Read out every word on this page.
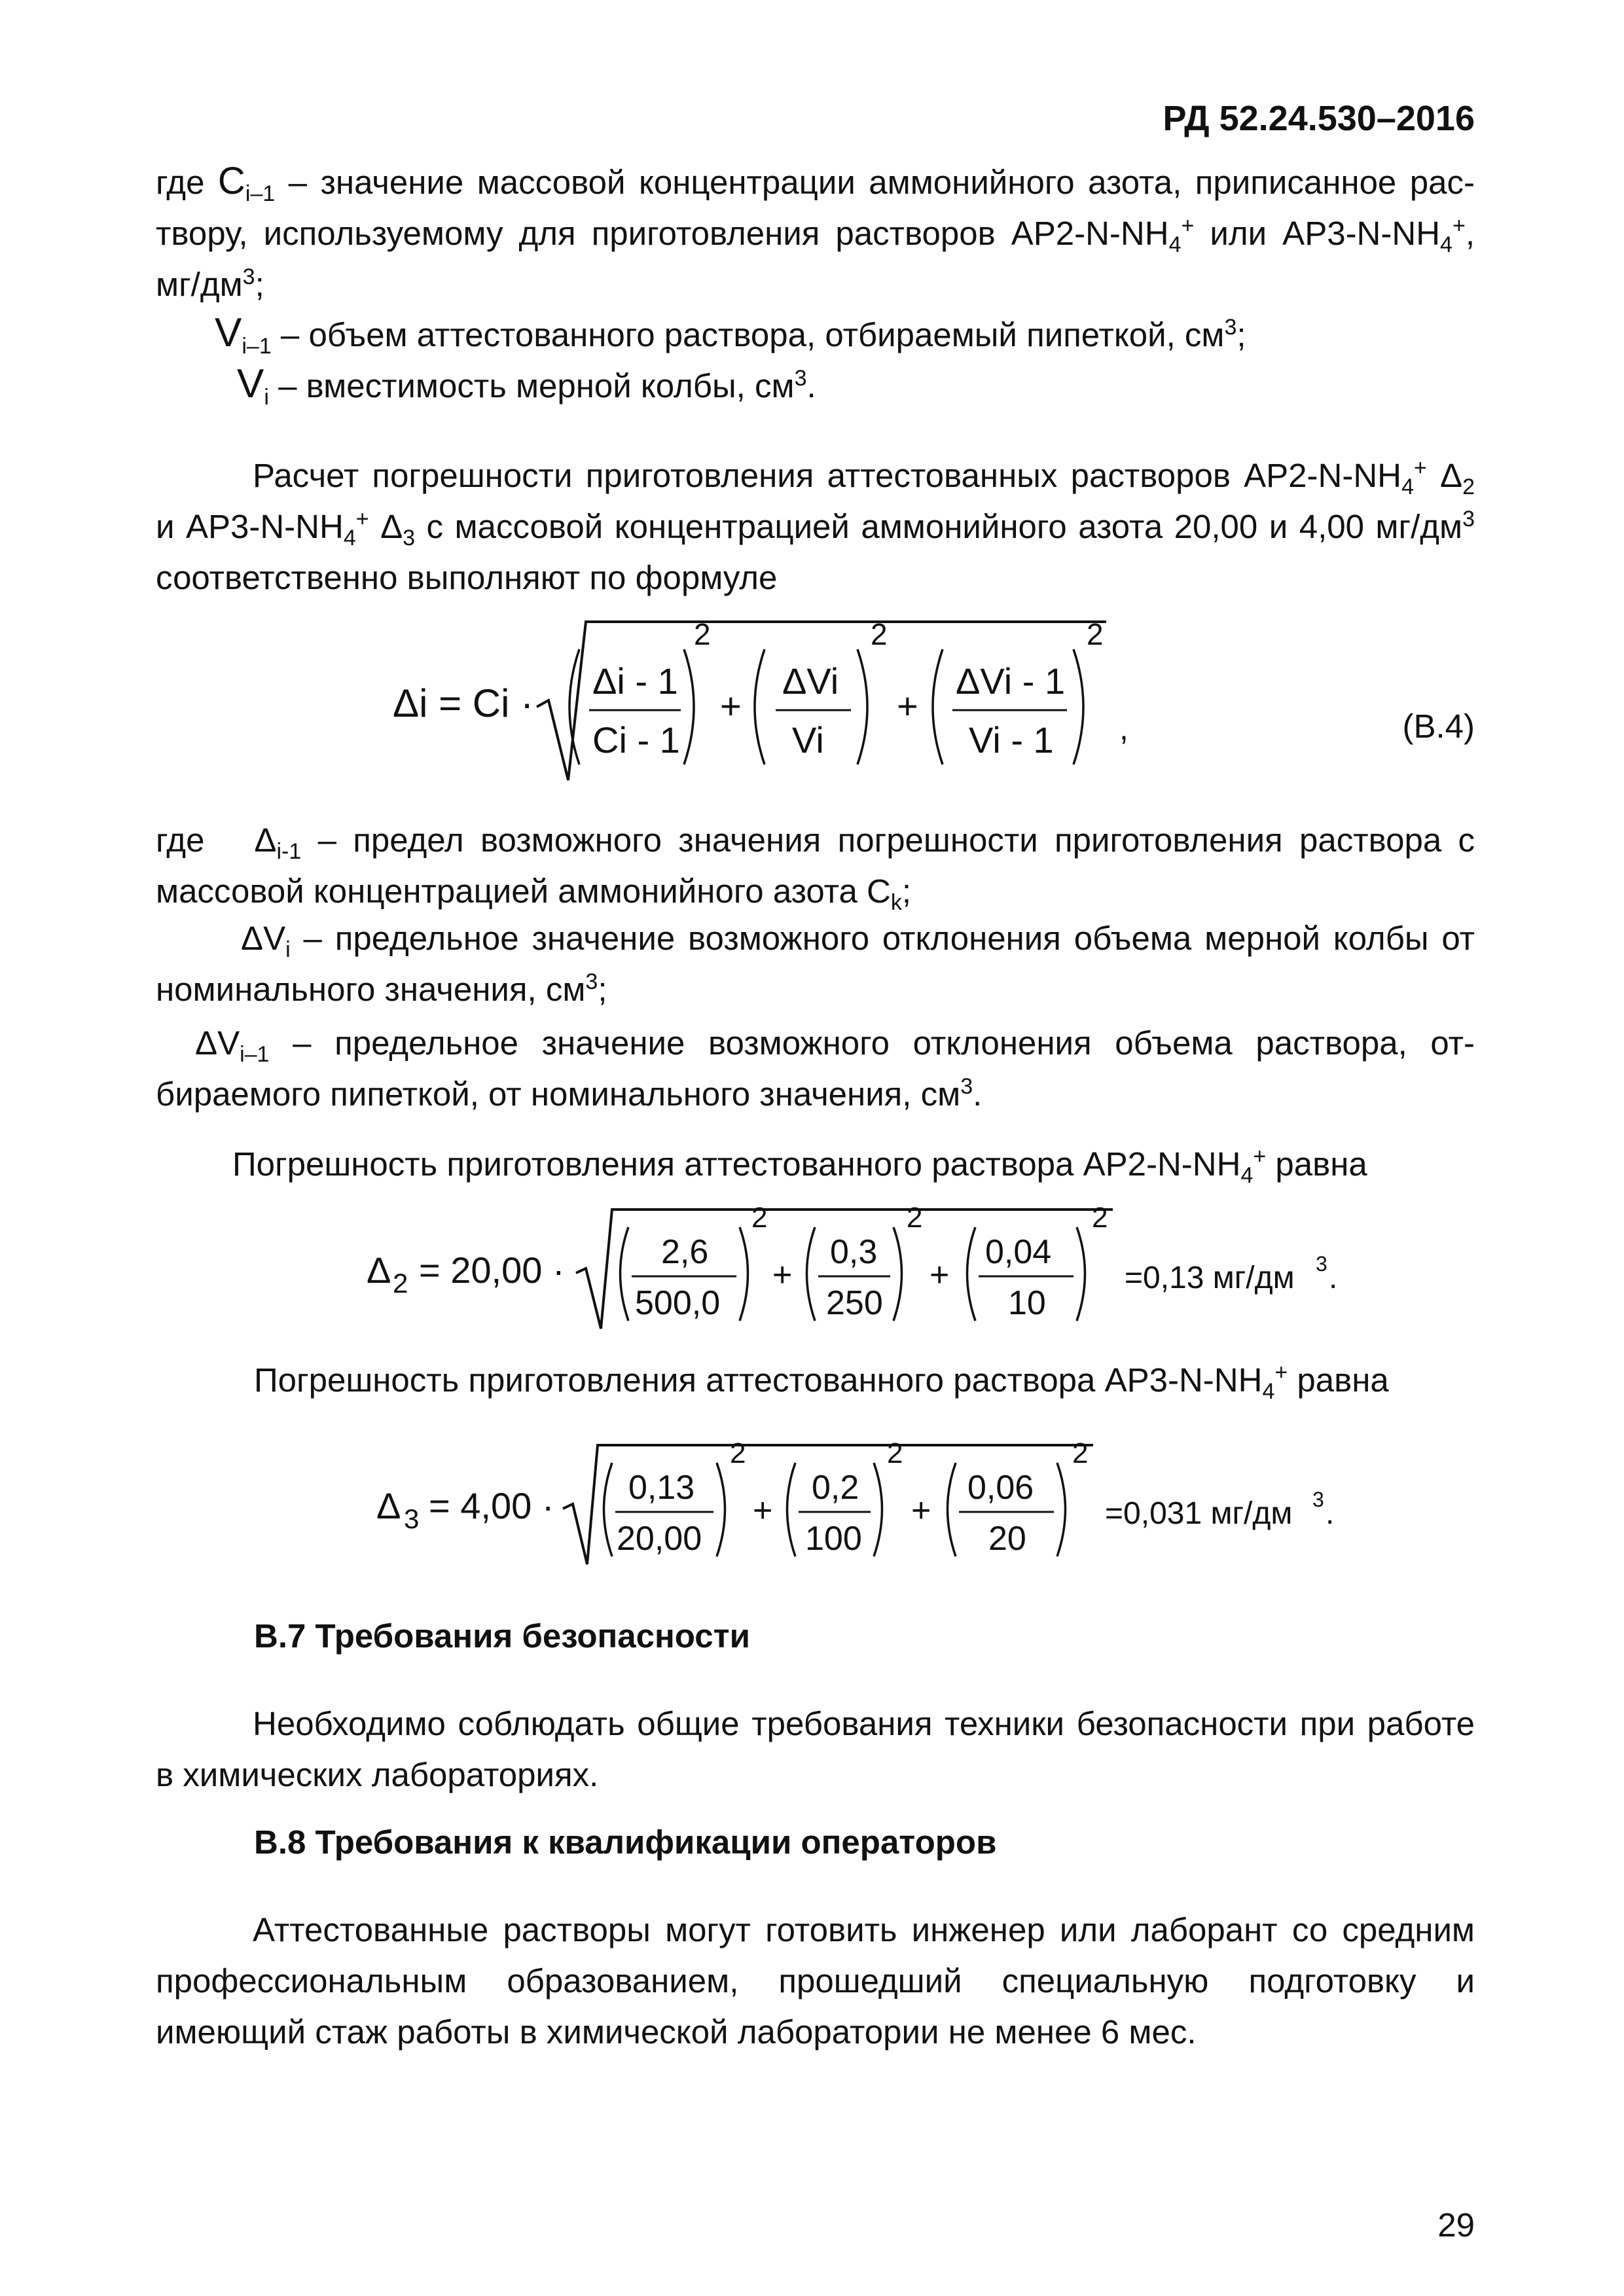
РД 52.24.530–2016
где $C_{i-1}$ – значение массовой концентрации аммонийного азота, приписанное раствору, используемому для приготовления растворов $АР2-N-NH_4^+$ или $АР3-N-NH_4^+$, $мг/дм^3$;
$V_{i-1}$ – объем аттестованного раствора, отбираемый пипеткой, $см^3$;
$V_i$ – вместимость мерной колбы, $см^3$.
Расчет погрешности приготовления аттестованных растворов $АР2-N-NH_4^+$ $\Delta_2$ и $АР3-N-NH_4^+$ $\Delta_3$ с массовой концентрацией аммонийного азота 20,00 и 4,00 $мг/дм^3$ соответственно выполняют по формуле
Δi = Ci ·
Δi - 1
Ci - 1
2
+
ΔVi
Vi
2
+
ΔVi - 1
Vi - 1
2
,	(В.4)
где $\Delta_{i-1}$ – предел возможного значения погрешности приготовления раствора с массовой концентрацией аммонийного азота $C_k$;
$\Delta V_i$ – предельное значение возможного отклонения объема мерной колбы от номинального значения, $см^3$;
$\Delta V_{i-1}$ – предельное значение возможного отклонения объема раствора, отбираемого пипеткой, от номинального значения, $см^3$.
Погрешность приготовления аттестованного раствора $АР2-N-NH_4^+$ равна
Δ 2 = 20,00 ·	2,6
500,0
2
+
0,3
250
2
+
0,04
10
2
=0,13 мг/дм 3 .
Погрешность приготовления аттестованного раствора $АР3-N-NH_4^+$ равна
Δ 3 = 4,00 · 0,13
20,00
2
+
0,2
100
2
+
0,06
20
2
=0,031 мг/дм 3 .
В.7 Требования безопасности
Необходимо соблюдать общие требования техники безопасности при работе в химических лабораториях.
В.8 Требования к квалификации операторов
Аттестованные растворы могут готовить инженер или лаборант со средним профессиональным образованием, прошедший специальную подготовку и имеющий стаж работы в химической лаборатории не менее 6 мес.
29
